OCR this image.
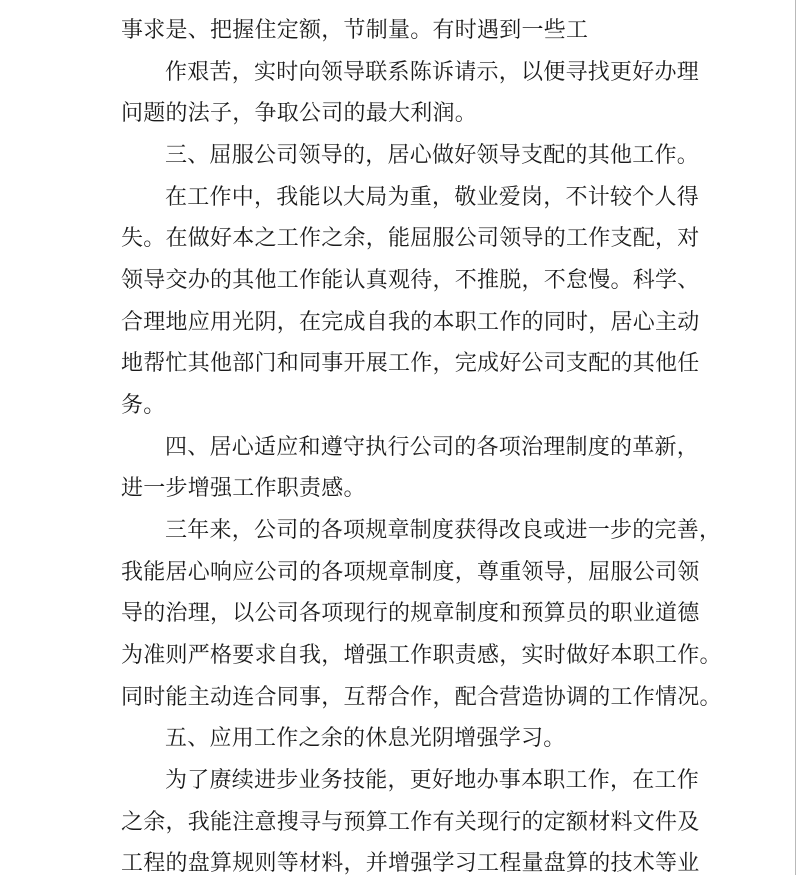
事求是、把握住定额，节制量。有时遇到一些工
作艰苦，实时向领导联系陈诉请示，以便寻找更好办理
问题的法子，争取公司的最大利润。
三、屈服公司领导的，居心做好领导支配的其他工作。
在工作中，我能以大局为重，敬业爱岗，不计较个人得
失。在做好本之工作之余，能屈服公司领导的工作支配，对
领导交办的其他工作能认真观待，不推脱，不怠慢。科学、
合理地应用光阴，在完成自我的本职工作的同时，居心主动
地帮忙其他部门和同事开展工作，完成好公司支配的其他任
务。
四、居心适应和遵守执行公司的各项治理制度的革新，
进一步增强工作职责感。
三年来，公司的各项规章制度获得改良或进一步的完善，
我能居心响应公司的各项规章制度，尊重领导，屈服公司领
导的治理，以公司各项现行的规章制度和预算员的职业道德
为准则严格要求自我，增强工作职责感，实时做好本职工作。
同时能主动连合同事，互帮合作，配合营造协调的工作情况。
五、应用工作之余的休息光阴增强学习。
为了赓续进步业务技能，更好地办事本职工作，在工作
之余，我能注意搜寻与预算工作有关现行的定额材料文件及
工程的盘算规则等材料，并增强学习工程量盘算的技术等业
